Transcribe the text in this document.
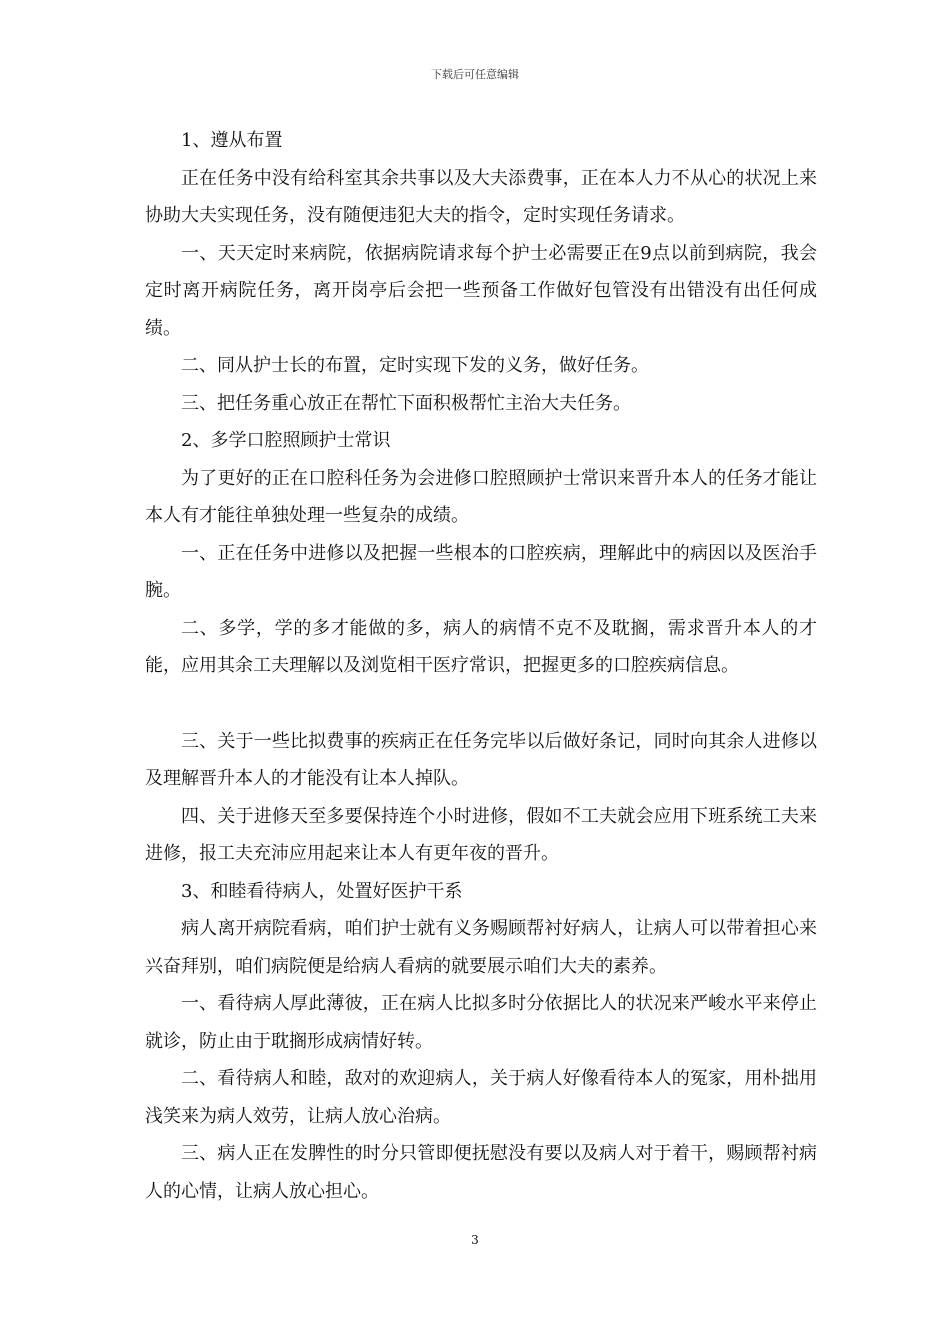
下载后可任意编辑

1、遵从布置

正在任务中没有给科室其余共事以及大夫添费事，正在本人力不从心的状况上来协助大夫实现任务，没有随便违犯大夫的指令，定时实现任务请求。

一、天天定时来病院，依据病院请求每个护士必需要正在9点以前到病院，我会定时离开病院任务，离开岗亭后会把一些预备工作做好包管没有出错没有出任何成绩。

二、同从护士长的布置，定时实现下发的义务，做好任务。

三、把任务重心放正在帮忙下面积极帮忙主治大夫任务。

2、多学口腔照顾护士常识

为了更好的正在口腔科任务为会进修口腔照顾护士常识来晋升本人的任务才能让本人有才能往单独处理一些复杂的成绩。

一、正在任务中进修以及把握一些根本的口腔疾病，理解此中的病因以及医治手腕。

二、多学，学的多才能做的多，病人的病情不克不及耽搁，需求晋升本人的才能，应用其余工夫理解以及浏览相干医疗常识，把握更多的口腔疾病信息。

三、关于一些比拟费事的疾病正在任务完毕以后做好条记，同时向其余人进修以及理解晋升本人的才能没有让本人掉队。

四、关于进修天至多要保持连个小时进修，假如不工夫就会应用下班系统工夫来进修，报工夫充沛应用起来让本人有更年夜的晋升。

3、和睦看待病人，处置好医护干系

病人离开病院看病，咱们护士就有义务赐顾帮衬好病人，让病人可以带着担心来兴奋拜别，咱们病院便是给病人看病的就要展示咱们大夫的素养。

一、看待病人厚此薄彼，正在病人比拟多时分依据比人的状况来严峻水平来停止就诊，防止由于耽搁形成病情好转。

二、看待病人和睦，敌对的欢迎病人，关于病人好像看待本人的冤家，用朴拙用浅笑来为病人效劳，让病人放心治病。

三、病人正在发脾性的时分只管即便抚慰没有要以及病人对于着干，赐顾帮衬病人的心情，让病人放心担心。

3
